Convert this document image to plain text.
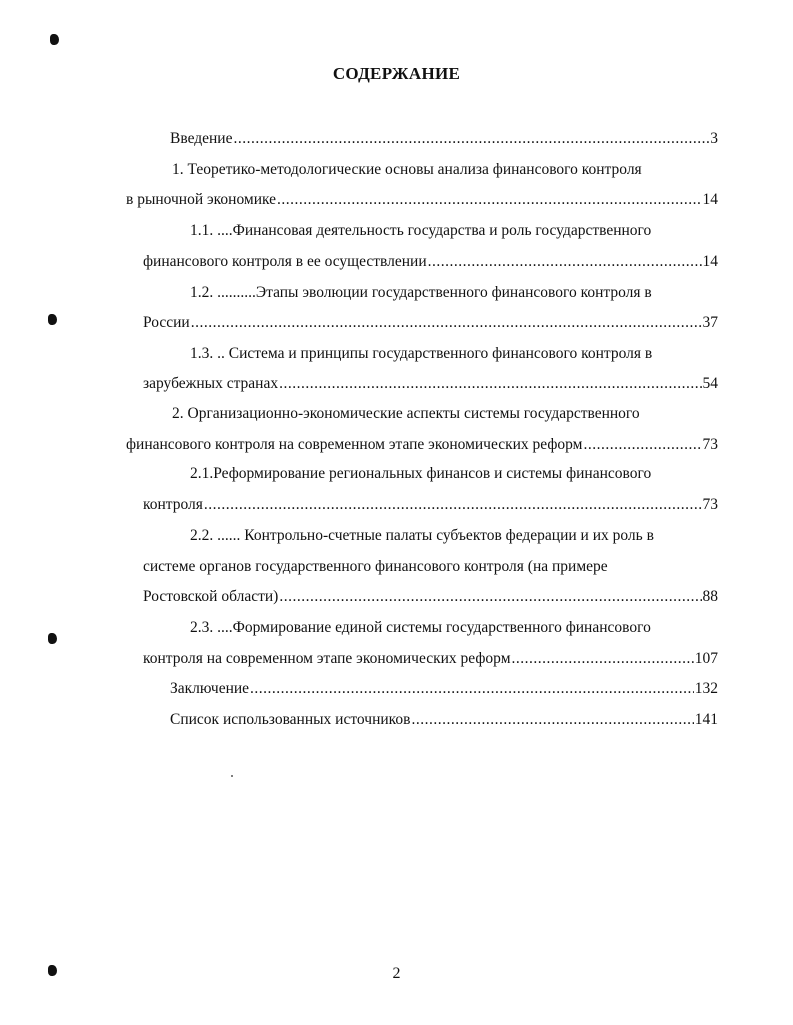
СОДЕРЖАНИЕ
Введение .....	3
1. Теоретико-методологические основы анализа финансового контроля
в рыночной экономике .....	14
1.1. ....Финансовая деятельность государства и роль государственного
финансового контроля в ее осуществлении .....	14
1.2. ..........Этапы эволюции государственного финансового контроля в
России .....	37
1.3. .. Система и принципы государственного финансового контроля в
зарубежных странах .....	54
2. Организационно-экономические аспекты системы государственного
финансового контроля на современном этапе экономических реформ .....	73
2.1.Реформирование региональных финансов и системы финансового
контроля .....	73
2.2. ...... Контрольно-счетные палаты субъектов федерации и их роль в
системе органов государственного финансового контроля (на примере
Ростовской области) .....	88
2.3. ....Формирование единой системы государственного финансового
контроля на современном этапе экономических реформ .....	107
Заключение .....	132
Список использованных источников .....	141
2
